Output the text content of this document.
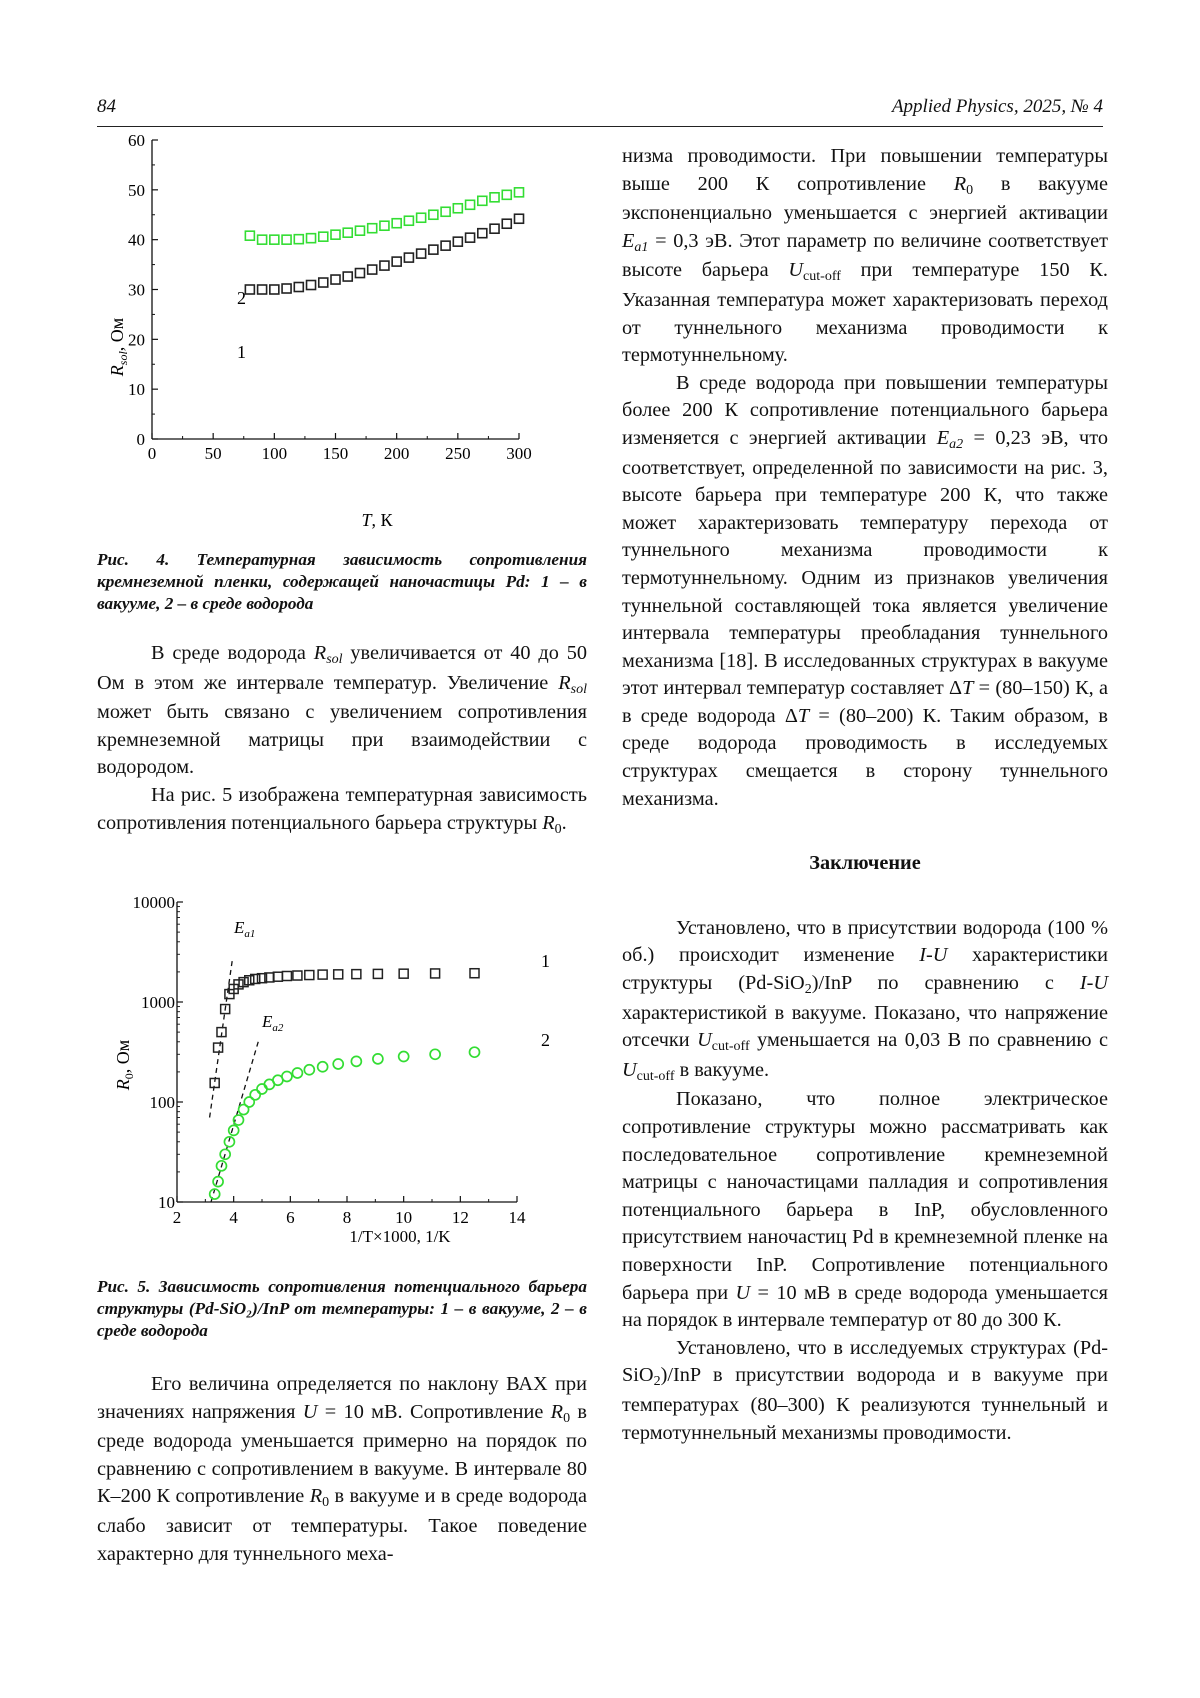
84	Applied Physics, 2025, № 4
0	50 100 150 200 250 300
0
10
20
30
40
50
60
$R_{sol}$, Ом
T, К
2
1
Рис. 4. Температурная зависимость сопротивления кремнеземной пленки, содержащей наночастицы Pd: 1 – в вакууме, 2 – в среде водорода

В среде водорода Rsol увеличивается от 40 до 50 Ом в этом же интервале температур. Увеличение Rsol может быть связано с увеличением сопротивления кремнеземной матрицы при взаимодействии с водородом.

На рис. 5 изображена температурная зависимость сопротивления потенциального барьера структуры R0.

2	4	6	8	10 12 14
10
100
1000
10000
$R_0$, Ом
1/T×1000, 1/K
1
2
$E_{a1}$
$E_{a2}$
Рис. 5. Зависимость сопротивления потенциального барьера структуры (Pd-SiO₂)/InP от температуры: 1 – в вакууме, 2 – в среде водорода

Его величина определяется по наклону ВАХ при значениях напряжения U = 10 мВ. Сопротивление R0 в среде водорода уменьшается примерно на порядок по сравнению с сопротивлением в вакууме. В интервале 80 К–200 К сопротивление R0 в вакууме и в среде водорода слабо зависит от температуры. Такое поведение характерно для туннельного меха-

низма проводимости. При повышении температуры выше 200 К сопротивление R0 в вакууме экспоненциально уменьшается с энергией активации Ea1 = 0,3 эВ. Этот параметр по величине соответствует высоте барьера Ucut-off при температуре 150 К. Указанная температура может характеризовать переход от туннельного механизма проводимости к термотуннельному.

В среде водорода при повышении температуры более 200 К сопротивление потенциального барьера изменяется с энергией активации Ea2 = 0,23 эВ, что соответствует, определенной по зависимости на рис. 3, высоте барьера при температуре 200 К, что также может характеризовать температуру перехода от туннельного механизма проводимости к термотуннельному. Одним из признаков увеличения туннельной составляющей тока является увеличение интервала температуры преобладания туннельного механизма [18]. В исследованных структурах в вакууме этот интервал температур составляет ΔT = (80–150) К, а в среде водорода ΔT = (80–200) К. Таким образом, в среде водорода проводимость в исследуемых структурах смещается в сторону туннельного механизма.

Заключение

Установлено, что в присутствии водорода (100 % об.) происходит изменение I-U характеристики структуры (Pd-SiO2)/InP по сравнению с I-U характеристикой в вакууме. Показано, что напряжение отсечки Ucut-off уменьшается на 0,03 В по сравнению с Ucut-off в вакууме.

Показано, что полное электрическое сопротивление структуры можно рассматривать как последовательное сопротивление кремнеземной матрицы с наночастицами палладия и сопротивления потенциального барьера в InP, обусловленного присутствием наночастиц Pd в кремнеземной пленке на поверхности InP. Сопротивление потенциального барьера при U = 10 мВ в среде водорода уменьшается на порядок в интервале температур от 80 до 300 К.

Установлено, что в исследуемых структурах (Pd-SiO2)/InP в присутствии водорода и в вакууме при температурах (80–300) К реализуются туннельный и термотуннельный механизмы проводимости.
